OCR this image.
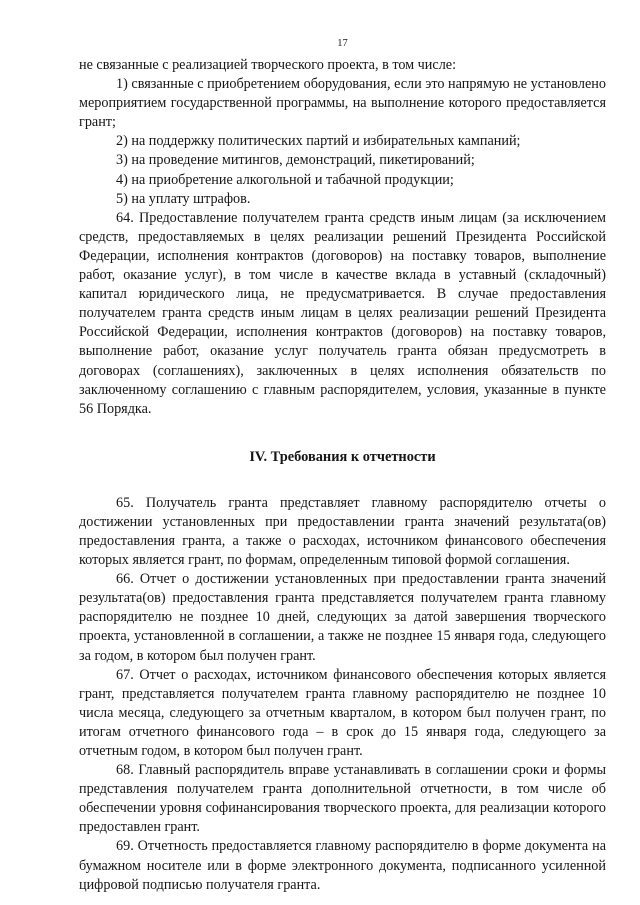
17

не связанные с реализацией творческого проекта, в том числе:

1) связанные с приобретением оборудования, если это напрямую не установлено мероприятием государственной программы, на выполнение которого предоставляется грант;

2) на поддержку политических партий и избирательных кампаний;

3) на проведение митингов, демонстраций, пикетирований;

4) на приобретение алкогольной и табачной продукции;

5) на уплату штрафов.

64. Предоставление получателем гранта средств иным лицам (за исключением средств, предоставляемых в целях реализации решений Президента Российской Федерации, исполнения контрактов (договоров) на поставку товаров, выполнение работ, оказание услуг), в том числе в качестве вклада в уставный (складочный) капитал юридического лица, не предусматривается. В случае предоставления получателем гранта средств иным лицам в целях реализации решений Президента Российской Федерации, исполнения контрактов (договоров) на поставку товаров, выполнение работ, оказание услуг получатель гранта обязан предусмотреть в договорах (соглашениях), заключенных в целях исполнения обязательств по заключенному соглашению с главным распорядителем, условия, указанные в пункте 56 Порядка.

IV. Требования к отчетности

65. Получатель гранта представляет главному распорядителю отчеты о достижении установленных при предоставлении гранта значений результата(ов) предоставления гранта, а также о расходах, источником финансового обеспечения которых является грант, по формам, определенным типовой формой соглашения.

66. Отчет о достижении установленных при предоставлении гранта значений результата(ов) предоставления гранта представляется получателем гранта главному распорядителю не позднее 10 дней, следующих за датой завершения творческого проекта, установленной в соглашении, а также не позднее 15 января года, следующего за годом, в котором был получен грант.

67. Отчет о расходах, источником финансового обеспечения которых является грант, представляется получателем гранта главному распорядителю не позднее 10 числа месяца, следующего за отчетным кварталом, в котором был получен грант, по итогам отчетного финансового года – в срок до 15 января года, следующего за отчетным годом, в котором был получен грант.

68. Главный распорядитель вправе устанавливать в соглашении сроки и формы представления получателем гранта дополнительной отчетности, в том числе об обеспечении уровня софинансирования творческого проекта, для реализации которого предоставлен грант.

69. Отчетность предоставляется главному распорядителю в форме документа на бумажном носителе или в форме электронного документа, подписанного усиленной цифровой подписью получателя гранта.
